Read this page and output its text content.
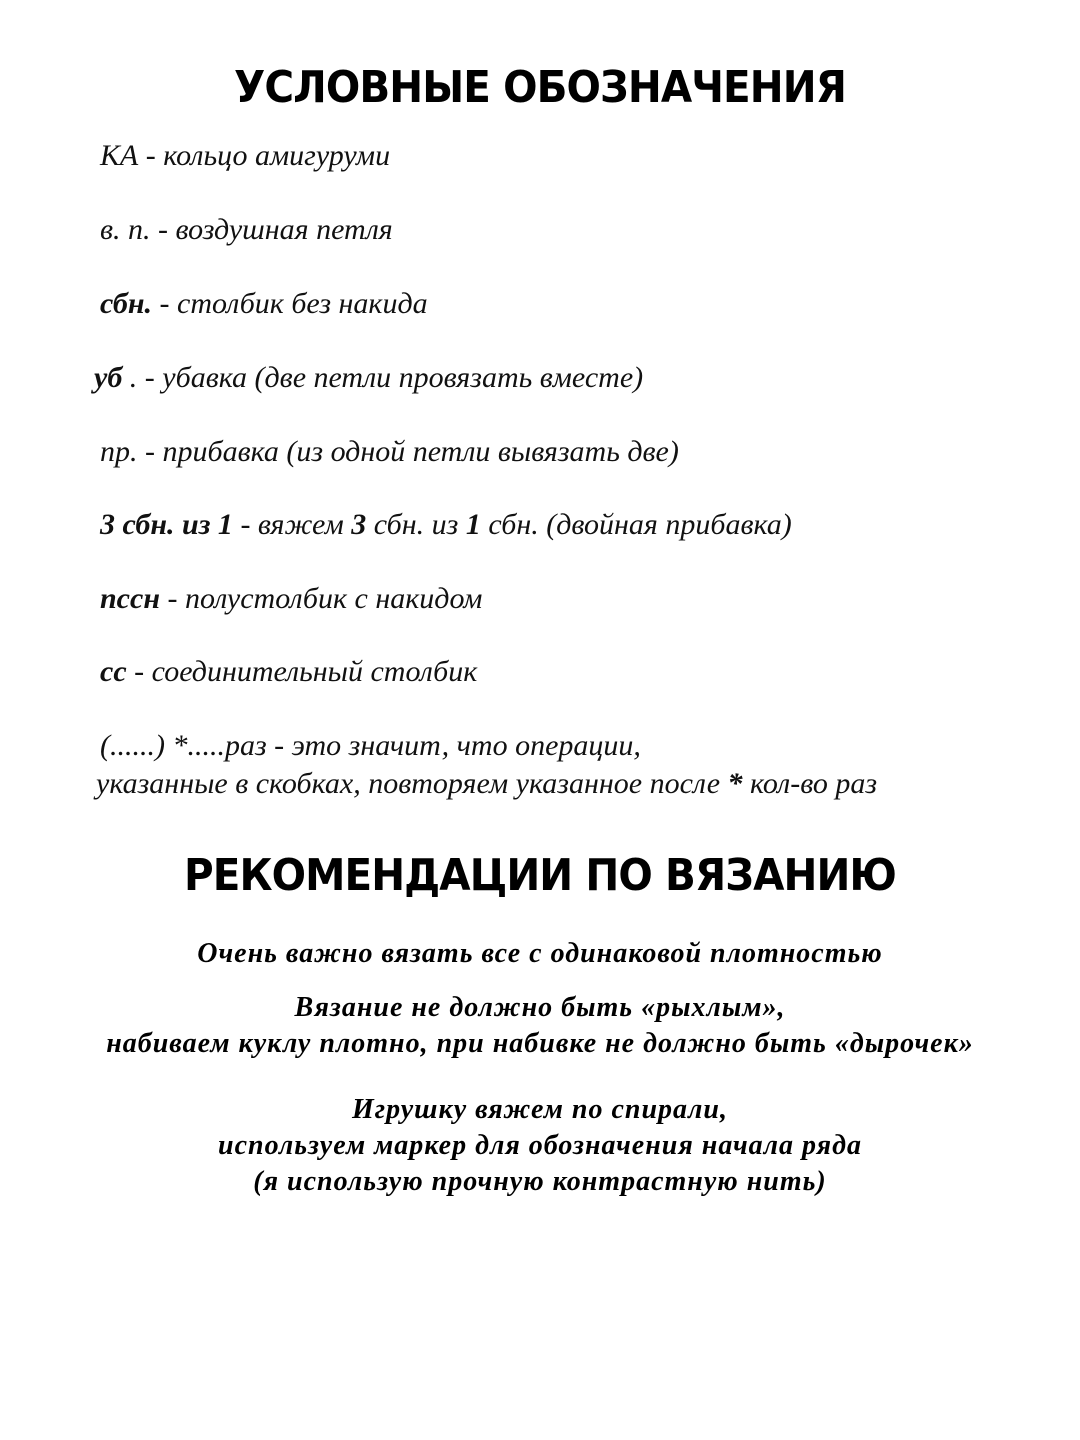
УСЛОВНЫЕ ОБОЗНАЧЕНИЯ
КА - кольцо амигуруми
в. п. - воздушная петля
сбн. - столбик без накида
уб . - убавка (две петли провязать вместе)
пр. - прибавка (из одной петли вывязать две)
3 сбн. из 1 - вяжем 3 сбн. из 1 сбн. (двойная прибавка)
пссн - полустолбик с накидом
сс - соединительный столбик
(......) *.....раз - это значит, что операции,
указанные в скобках, повторяем указанное после * кол-во раз
РЕКОМЕНДАЦИИ ПО ВЯЗАНИЮ
Очень важно вязать все с одинаковой плотностью
Вязание не должно быть «рыхлым»,
набиваем куклу плотно, при набивке не должно быть «дырочек»
Игрушку вяжем по спирали,
используем маркер для обозначения начала ряда
(я использую прочную контрастную нить)
